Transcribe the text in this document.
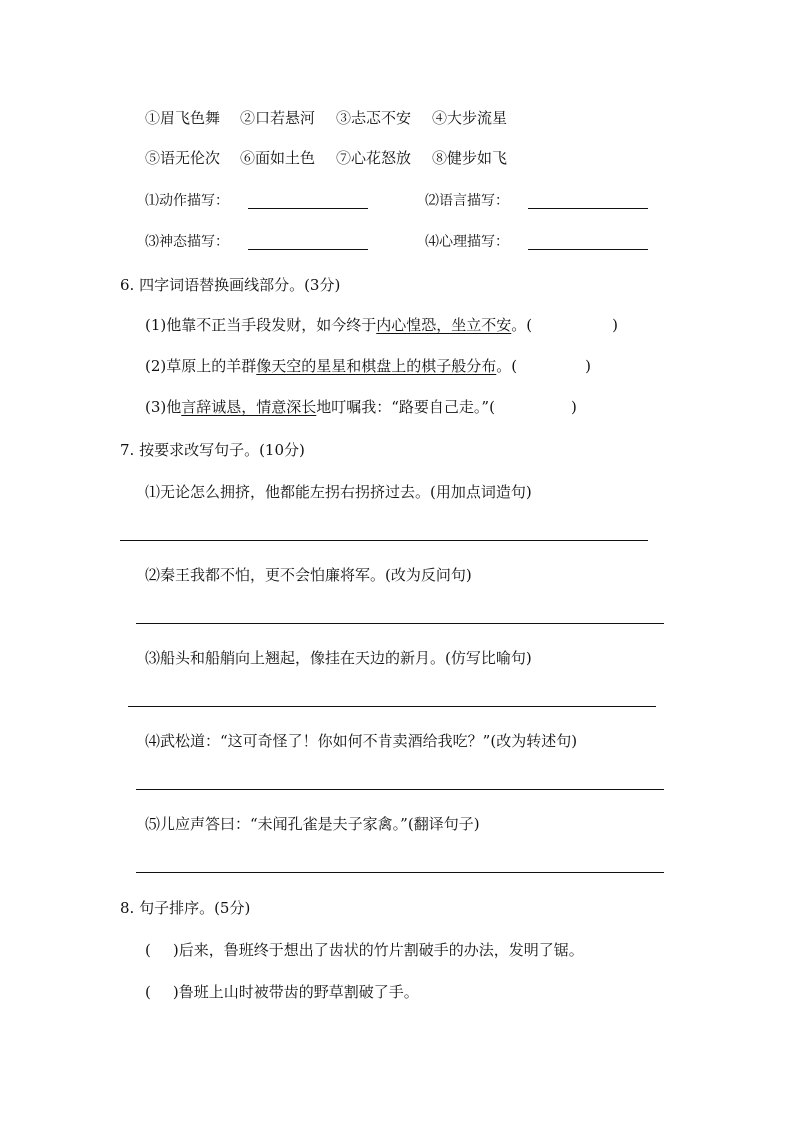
①眉飞色舞 ②口若悬河 ③忐忑不安 ④大步流星
⑤语无伦次 ⑥面如土色 ⑦心花怒放 ⑧健步如飞
⑴动作描写：	⑵语言描写：
⑶神态描写：	⑷心理描写：
6. 四字词语替换画线部分。(3分)
(1)他靠不正当手段发财，如今终于内心惶恐，坐立不安。(	)
(2)草原上的羊群像天空的星星和棋盘上的棋子般分布。(	)
(3)他言辞诚恳，情意深长地叮嘱我：“路要自己走。”(	)
7. 按要求改写句子。(10分)
⑴无论怎么拥挤，他都能左拐右拐挤过去。(用加点词造句)
⑵秦王我都不怕，更不会怕廉将军。(改为反问句)
⑶船头和船艄向上翘起，像挂在天边的新月。(仿写比喻句)
⑷武松道：“这可奇怪了！你如何不肯卖酒给我吃？”(改为转述句)
⑸儿应声答曰：“未闻孔雀是夫子家禽。”(翻译句子)
8. 句子排序。(5分)
( )后来，鲁班终于想出了齿状的竹片割破手的办法，发明了锯。
( )鲁班上山时被带齿的野草割破了手。
